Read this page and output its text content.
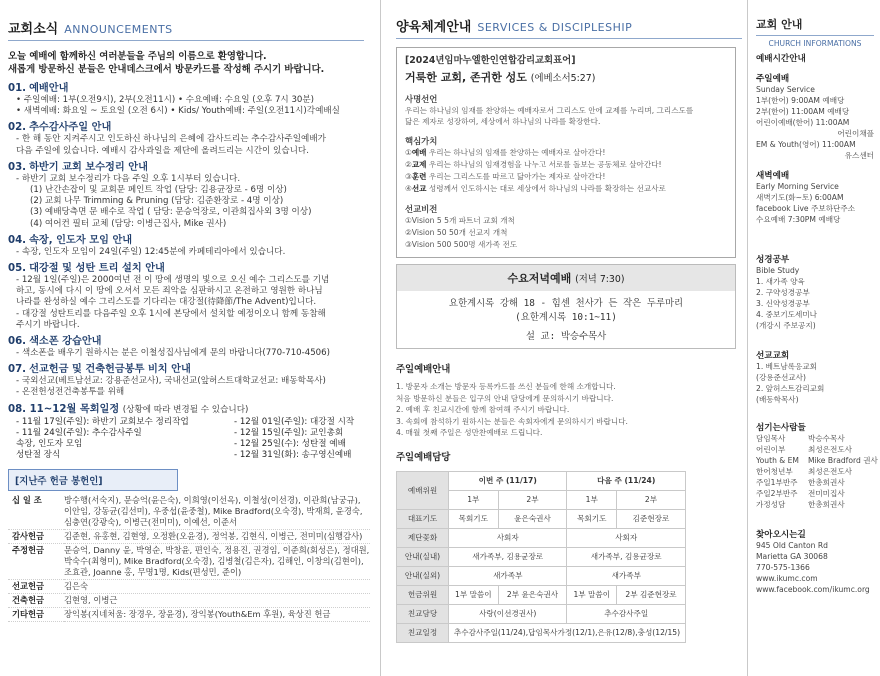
교회소식 ANNOUNCEMENTS
오늘 예배에 함께하신 여러분들을 주님의 이름으로 환영합니다.
새롭게 방문하신 분들은 안내데스크에서 방문카드를 작성해 주시기 바랍니다.
01. 예배안내
• 주일예배: 1부(오전9시), 2부(오전11시) • 수요예배: 수요일 (오후 7시 30분)
• 새벽예배: 화요일 ~ 토요일 (오전 6시) • Kids/ Youth예배: 주일(오전11시)각예배실
02. 추수감사주일 안내
- 한 해 동안 지켜주시고 인도하신 하나님의 은혜에 감사드리는 추수감사주일예배가
다음 주일에 있습니다. 예배시 감사과일을 제단에 올려드리는 시간이 있습니다.
03. 하반기 교회 보수정리 안내
- 하반기 교회 보수정리가 다음 주일 오후 1시부터 있습니다.
(1) 난간손잡이 및 교회문 페인트 작업 (담당: 김용균장로 - 6명 이상)
(2) 교회 나무 Trimming & Pruning (담당: 김준환장로 - 4명 이상)
(3) 예배당측면 문 배수로 작업 ( 담당: 문승억장로, 이관희집사외 3명 이상)
(4) 여어컨 필터 교체 (담당: 이병근집사, Mike 권사)
04. 속장, 인도자 모임 안내
- 속장, 인도자 모임이 24일(주일) 12:45분에 카페테리아에서 있습니다.
05. 대강절 및 성탄 트리 설치 안내
- 12월 1일(주일)은 2000여년 전 이 땅에 생명의 빛으로 오신 예수 그리스도를 기념
하고, 동시에 다시 이 땅에 오셔서 모든 죄악을 심판하시고 온전하고 영원한 하나님
나라를 완성하실 예수 그리스도를 기다리는 대강절(待降節/The Advent)입니다.
- 대강절 성탄트리를 다음주일 오후 1시에 본당에서 설치할 예정이오니 함께 동참해
주시기 바랍니다.
06. 색소폰 강습안내
- 색소폰을 배우기 원하시는 분은 이철성집사님에게 문의 바랍니다(770-710-4506)
07. 선교헌금 및 건축헌금봉투 비치 안내
- 국외선교(베트남선교: 강용준선교사), 국내선교(앞허스트대학교선교: 배동학목사)
- 온전헌성전건축봉투를 위해
08. 11~12월 목회일정 (상황에 따라 변경될 수 있습니다)
- 11월 17일(주일): 하반기 교회보수 정리작업	- 12월 01일(주일): 대강절 시작
- 11월 24일(주일): 추수감사주일	- 12월 15일(주일): 교인총회
속장, 인도자 모임	- 12월 25일(수): 성탄절 예배
성탄절 장식	- 12월 31일(화): 송구영신예배
[지난주 헌금 봉헌인]
십 일 조	방수행(서숙지), 문승억(윤은숙), 이희영(이선옥), 이철성(이선경), 이관희(남궁규), 이안임, 강동균(김선미), 우중섭(윤중철), Mike Bradford(오숙경), 박재희, 윤경숙, 심충연(강광숙), 이병근(전미미), 이예선, 이준서
감사헌금	김준현, 유홍현, 김현영, 오정환(오윤경), 정억봉, 김현식, 이병근, 전미미(심행감사)
주정헌금	문승억, Danny 윤, 박영순, 박창윤, 편인숙, 정용진, 권경임, 이준희(회성은), 정대원, 박숙수(최형미), Mike Bradford(오숙경), 김병철(김은자), 김해인, 이창의(김현이), 조효관, Joanne 홍, 무명1명, Kids(편성민, 준이)
선교헌금	김은숙
건축헌금	김현영, 이병근
기타헌금	장익봉(지네처움: 장경우, 장윤경), 장익봉(Youth&Em 후원), 육상진 헌금
양육체계안내 SERVICES & DISCIPLESHIP
[2024년임마누엘한인연합감리교회표어]
거룩한 교회, 존귀한 성도 (에베소서5:27)
사명선언
우리는 하나님의 임재를 찬양하는 예배자로서 그리스도 안에 교제를 누리며, 그리스도를
닮은 제자로 성장하여, 세상에서 하나님의 나라를 확장한다.
핵심가치
①예배 우리는 하나님의 임재를 찬양하는 예배자로 살아간다!
②교제 우리는 하나님의 임재경험을 나누고 서로를 돌보는 공동체로 살아간다!
③훈련 우리는 그리스도를 따르고 닮아가는 제자로 살아간다!
④선교 성령께서 인도하시는 대로 세상에서 하나님의 나라를 확장하는 선교사로
선교비전
①Vision 5 5개 파트너 교회 개척
②Vision 50 50개 선교지 개척
③Vision 500 500명 새가족 전도
수요저녁예배 (저녁 7:30)
요한계시록 강해 18 - 힘센 천사가 든 작은 두루마리
(요한계시록 10:1~11)
설 교: 박승수목사
주일예배안내
1. 방문자 소개는 방문자 등록카드를 쓰신 분들에 한해 소개합니다.
처음 방문하신 분들은 입구의 안내 담당에게 문의하시기 바랍니다.
2. 예배 후 친교시간에 함께 참여해 주시기 바랍니다.
3. 속회에 참석하기 원하시는 분들은 속회자에게 문의하시기 바랍니다.
4. 매월 첫째 주일은 성만찬예배로 드립니다.
주일예배담당
예배위원	이번 주 (11/17)		다음 주 (11/24)	
	1부	2부	1부	2부
대표기도	목회기도	윤은숙권사	목회기도	김준현장로
제단꽃화	사회자		사회자	
안내(실내)	새가족부, 김용균장로		새가족부, 김용균장로	
안내(실외)	새가족부		새가족부	
헌금위원	1부 말씀이	2부 윤은숙권사	1부 말씀이	2부 김준현장로
친교담당	사랑(이선경권사)		추수감사주일	
친교일정	추수감사주일(11/24),답임목사가정(12/1),은유(12/8),충성(12/15)			
교회 안내
CHURCH INFORMATIONS
예배시간안내
주일예배
Sunday Service
1부(한어) 9:00AM 예배당
2부(한어) 11:00AM 예배당
어린이예배(한어) 11:00AM
어린이채플
EM & Youth(영어) 11:00AM
유스센터
새벽예배
Early Morning Service
새벽기도(화~토) 6:00AM
facebook Live 주보하단주소
수요예배 7:30PM 예배당
성경공부
Bible Study
1. 새가족 양육
2. 구약성경공부
3. 신약성경공부
4. 중보기도세미나
(개강시 주보공지)
선교교회
1. 베트남록응교회
(강용준선교사)
2. 앞허스트감리교회
(배동학목사)
섬기는사람들
담임목사	박승수목사
어린이부	최성은전도사
Youth & EM	Mike Bradford 권사
한어청년부	최성은전도사
주일1부반주	한총희권사
주일2부반주	전미미집사
가정성담	한총희권사
찾아오시는길
945 Old Canton Rd
Marietta GA 30068
770-575-1366
www.ikumc.com
www.facebook.com/ikumc.org
